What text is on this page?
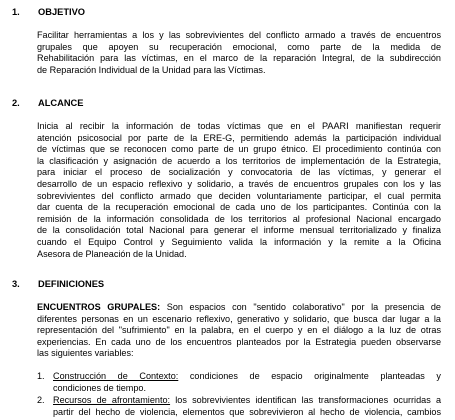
1. OBJETIVO
Facilitar herramientas a los y las sobrevivientes del conflicto armado a través de encuentros
grupales que apoyen su recuperación emocional, como parte de la medida de
Rehabilitación para las víctimas, en el marco de la reparación Integral, de la subdirección
de Reparación Individual de la Unidad para las Víctimas.
2. ALCANCE
Inicia al recibir la información de todas víctimas que en el PAARI manifiestan requerir
atención psicosocial por parte de la ERE-G, permitiendo además la participación individual
de víctimas que se reconocen como parte de un grupo étnico. El procedimiento continúa con
la clasificación y asignación de acuerdo a los territorios de implementación de la Estrategia,
para iniciar el proceso de socialización y convocatoria de las víctimas, y generar el
desarrollo de un espacio reflexivo y solidario, a través de encuentros grupales con los y las
sobrevivientes del conflicto armado que deciden voluntariamente participar, el cual permita
dar cuenta de la recuperación emocional de cada uno de los participantes. Continúa con la
remisión de la información consolidada de los territorios al profesional Nacional encargado
de la consolidación total Nacional para generar el informe mensual territorializado y finaliza
cuando el Equipo Control y Seguimiento valida la información y la remite a la Oficina
Asesora de Planeación de la Unidad.
3. DEFINICIONES
ENCUENTROS GRUPALES: Son espacios con "sentido colaborativo" por la presencia de
diferentes personas en un escenario reflexivo, generativo y solidario, que busca dar lugar a la
representación del "sufrimiento" en la palabra, en el cuerpo y en el diálogo a la luz de otras
experiencias. En cada uno de los encuentros planteados por la Estrategia pueden observarse
las siguientes variables:
1. Construcción de Contexto: condiciones de espacio originalmente planteadas y
condiciones de tiempo.
2. Recursos de afrontamiento: los sobrevivientes identifican las transformaciones ocurridas a
partir del hecho de violencia, elementos que sobrevivieron al hecho de violencia, cambios
